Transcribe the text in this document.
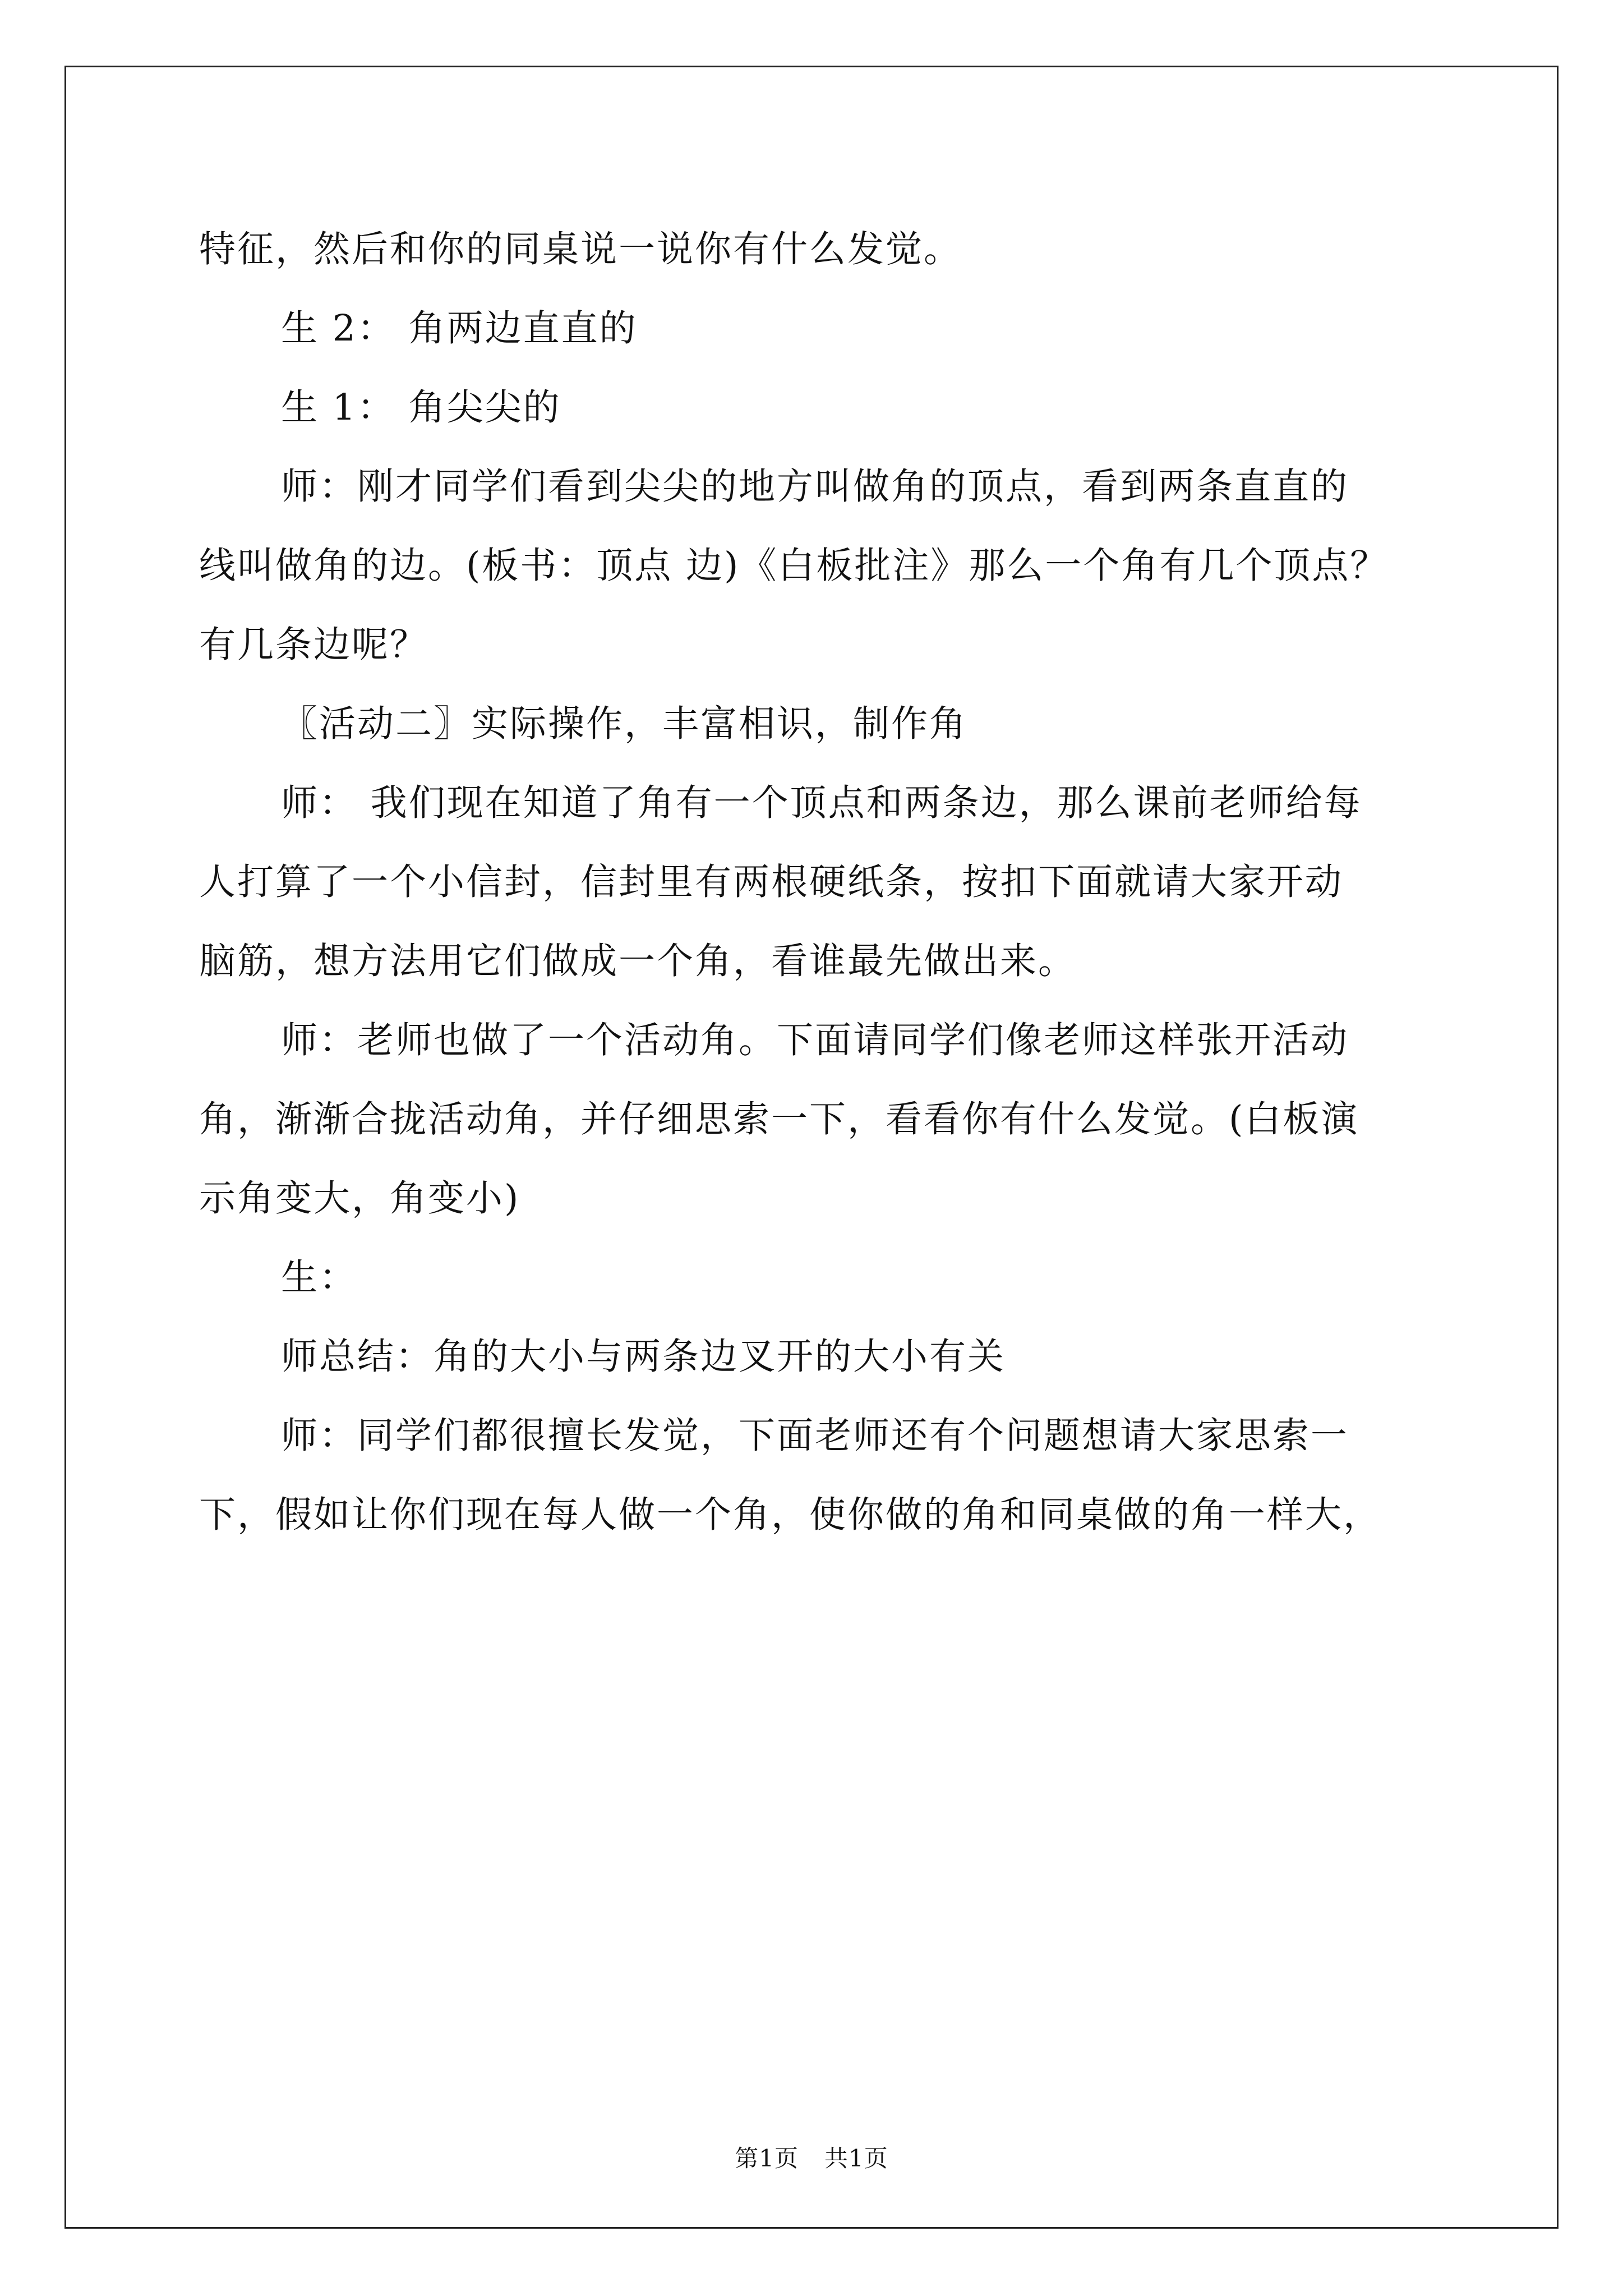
特征，然后和你的同桌说一说你有什么发觉。
生 2： 角两边直直的
生 1： 角尖尖的
师：刚才同学们看到尖尖的地方叫做角的顶点，看到两条直直的
线叫做角的边。(板书：顶点 边)《白板批注》那么一个角有几个顶点？
有几条边呢？
〖活动二〗实际操作，丰富相识，制作角
师： 我们现在知道了角有一个顶点和两条边，那么课前老师给每
人打算了一个小信封，信封里有两根硬纸条，按扣下面就请大家开动
脑筋，想方法用它们做成一个角，看谁最先做出来。
师：老师也做了一个活动角。下面请同学们像老师这样张开活动
角，渐渐合拢活动角，并仔细思索一下，看看你有什么发觉。(白板演
示角变大，角变小)
生：
师总结：角的大小与两条边叉开的大小有关
师：同学们都很擅长发觉，下面老师还有个问题想请大家思索一
下，假如让你们现在每人做一个角，使你做的角和同桌做的角一样大，
第1页 共1页
